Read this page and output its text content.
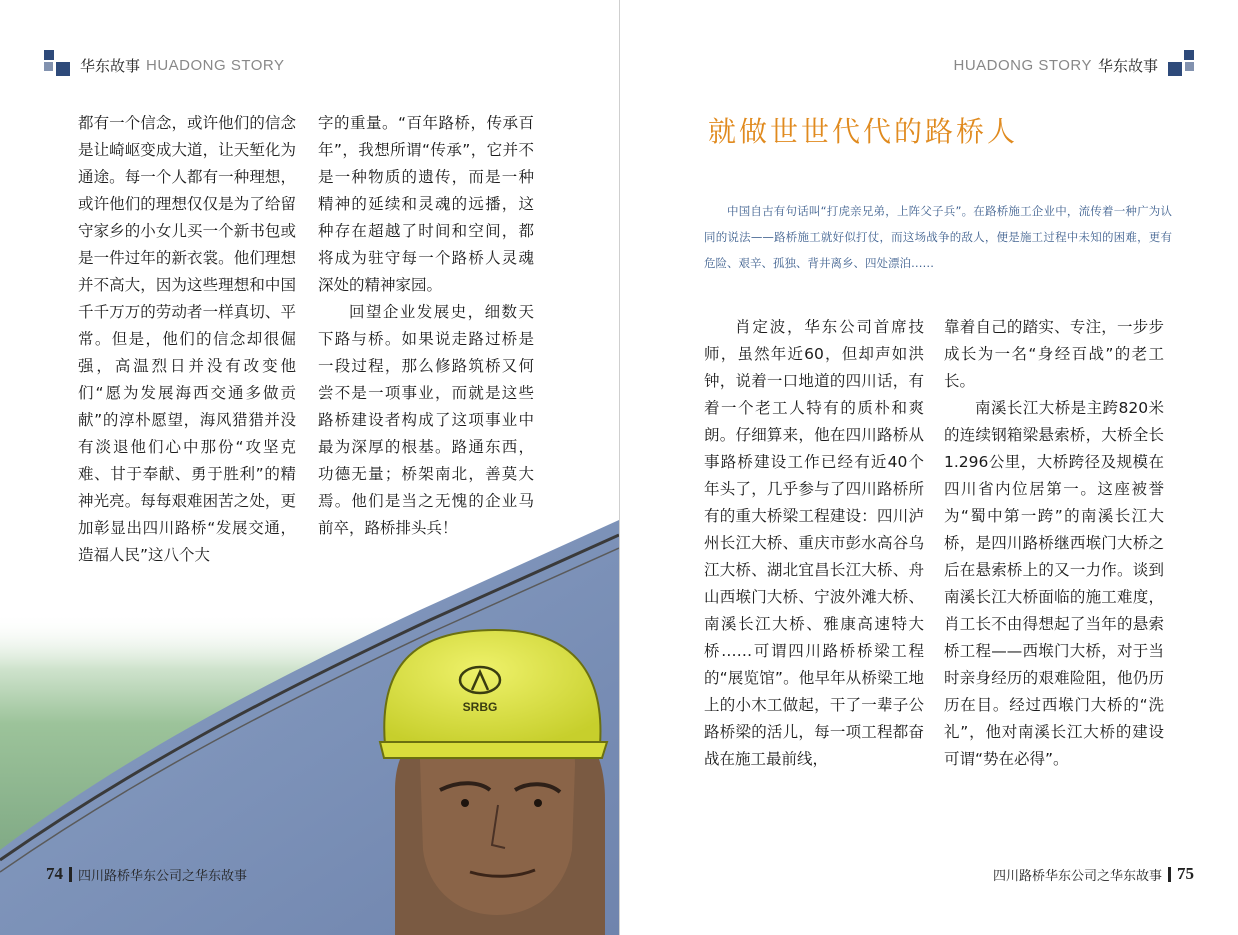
SRBG
华东故事 HUADONG STORY

都有一个信念，或许他们的信念是让崎岖变成大道，让天堑化为通途。每一个人都有一种理想，或许他们的理想仅仅是为了给留守家乡的小女儿买一个新书包或是一件过年的新衣裳。他们理想并不高大，因为这些理想和中国千千万万的劳动者一样真切、平常。但是，他们的信念却很倔强，高温烈日并没有改变他们“愿为发展海西交通多做贡献”的淳朴愿望，海风猎猎并没有淡退他们心中那份“攻坚克难、甘于奉献、勇于胜利”的精神光亮。每每艰难困苦之处，更加彰显出四川路桥“发展交通，造福人民”这八个大

字的重量。“百年路桥，传承百年”，我想所谓“传承”，它并不是一种物质的遗传，而是一种精神的延续和灵魂的远播，这种存在超越了时间和空间，都将成为驻守每一个路桥人灵魂深处的精神家园。

回望企业发展史，细数天下路与桥。如果说走路过桥是一段过程，那么修路筑桥又何尝不是一项事业，而就是这些路桥建设者构成了这项事业中最为深厚的根基。路通东西，功德无量；桥架南北，善莫大焉。他们是当之无愧的企业马前卒，路桥排头兵！

74 四川路桥华东公司之华东故事
华东故事
HUADONG STORY
就做世世代代的路桥人

中国自古有句话叫“打虎亲兄弟，上阵父子兵”。在路桥施工企业中，流传着一种广为认同的说法——路桥施工就好似打仗，而这场战争的敌人，便是施工过程中未知的困难，更有危险、艰辛、孤独、背井离乡、四处漂泊……

肖定波，华东公司首席技师，虽然年近60，但却声如洪钟，说着一口地道的四川话，有着一个老工人特有的质朴和爽朗。仔细算来，他在四川路桥从事路桥建设工作已经有近40个年头了，几乎参与了四川路桥所有的重大桥梁工程建设：四川泸州长江大桥、重庆市彭水高谷乌江大桥、湖北宜昌长江大桥、舟山西堠门大桥、宁波外滩大桥、南溪长江大桥、雅康高速特大桥……可谓四川路桥桥梁工程的“展览馆”。他早年从桥梁工地上的小木工做起，干了一辈子公路桥梁的活儿，每一项工程都奋战在施工最前线，

靠着自己的踏实、专注，一步步成长为一名“身经百战”的老工长。

南溪长江大桥是主跨820米的连续钢箱梁悬索桥，大桥全长1.296公里，大桥跨径及规模在四川省内位居第一。这座被誉为“蜀中第一跨”的南溪长江大桥，是四川路桥继西堠门大桥之后在悬索桥上的又一力作。谈到南溪长江大桥面临的施工难度，肖工长不由得想起了当年的悬索桥工程——西堠门大桥，对于当时亲身经历的艰难险阻，他仍历历在目。经过西堠门大桥的“洗礼”，他对南溪长江大桥的建设可谓“势在必得”。

四川路桥华东公司之华东故事 75
